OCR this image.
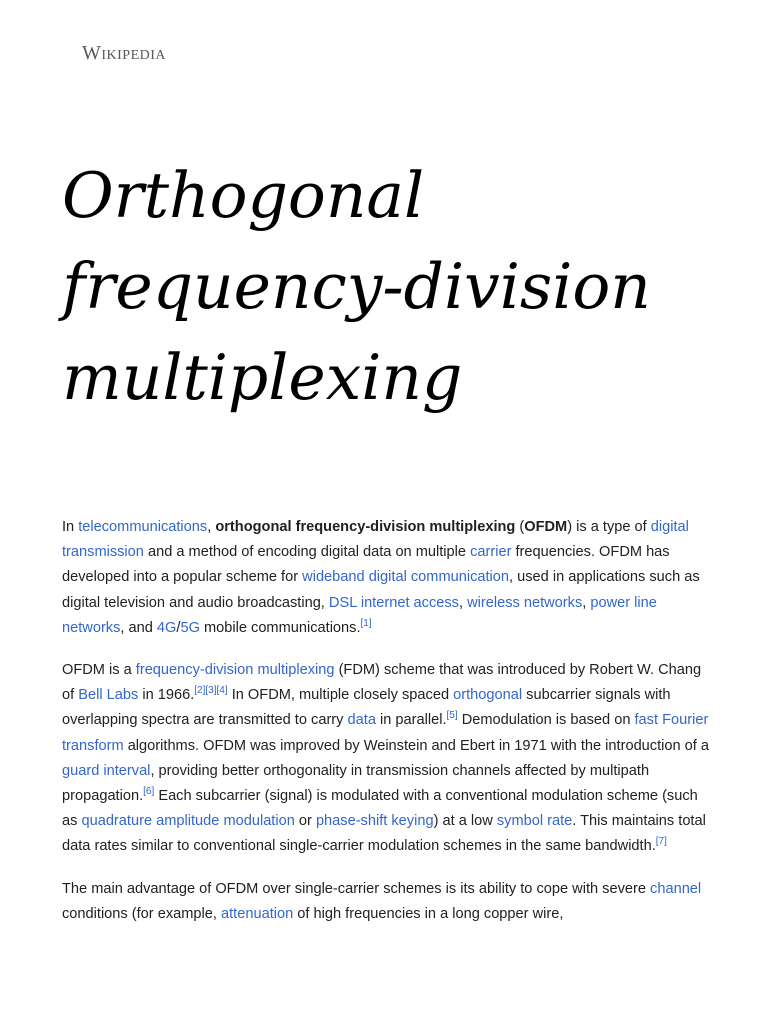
Wikipedia
Orthogonal frequency-division multiplexing

In telecommunications, orthogonal frequency-division multiplexing (OFDM) is a type of digital transmission and a method of encoding digital data on multiple carrier frequencies. OFDM has developed into a popular scheme for wideband digital communication, used in applications such as digital television and audio broadcasting, DSL internet access, wireless networks, power line networks, and 4G/5G mobile communications.[1]

OFDM is a frequency-division multiplexing (FDM) scheme that was introduced by Robert W. Chang of Bell Labs in 1966.[2][3][4] In OFDM, multiple closely spaced orthogonal subcarrier signals with overlapping spectra are transmitted to carry data in parallel.[5] Demodulation is based on fast Fourier transform algorithms. OFDM was improved by Weinstein and Ebert in 1971 with the introduction of a guard interval, providing better orthogonality in transmission channels affected by multipath propagation.[6] Each subcarrier (signal) is modulated with a conventional modulation scheme (such as quadrature amplitude modulation or phase-shift keying) at a low symbol rate. This maintains total data rates similar to conventional single-carrier modulation schemes in the same bandwidth.[7]

The main advantage of OFDM over single-carrier schemes is its ability to cope with severe channel conditions (for example, attenuation of high frequencies in a long copper wire,
